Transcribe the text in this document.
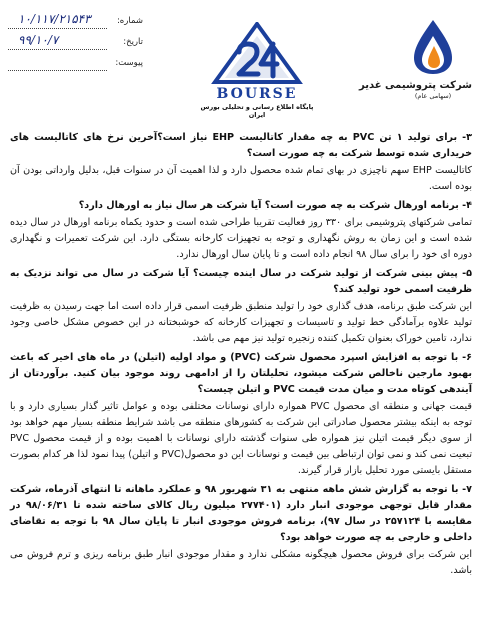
شماره:
۱۰/۱۱۷/۲۱۵۴۳
تاریخ:
۹۹/۱۰/۷
پیوست:
BOURSE
پایگاه اطلاع رسانی و تحلیلی بورس ایران
شرکت پتروشیمی غدیر
(سهامی عام)

۳- برای تولید ۱ تن PVC به چه مقدار کاتالیست EHP نیاز است؟آخرین نرخ های کاتالیست های خریداری شده توسط شرکت به چه صورت است؟

کاتالیست EHP سهم ناچیزی در بهای تمام شده محصول دارد و لذا اهمیت آن در سنوات قبل، بدلیل وارداتی بودن آن بوده است.

۴- برنامه اورهال شرکت به چه صورت است؟ آیا شرکت هر سال نیاز به اورهال دارد؟

تمامی شرکتهای پتروشیمی برای ۳۳۰ روز فعالیت تقریبا طراحی شده است و حدود یکماه برنامه اورهال در سال دیده شده است و این زمان به روش نگهداری و توجه به تجهیزات کارخانه بستگی دارد. این شرکت تعمیرات و نگهداری دوره ای خود را برای سال ۹۸ انجام داده است و تا پایان سال اورهال ندارد.

۵- پیش بینی شرکت از تولید شرکت در سال اینده چیست؟ آیا شرکت در سال می تواند نزدیک به ظرفیت اسمی خود تولید کند؟

این شرکت طبق برنامه، هدف گذاری خود را تولید منطبق ظرفیت اسمی قرار داده است اما جهت رسیدن به ظرفیت تولید علاوه برآمادگی خط تولید و تاسیسات و تجهیزات کارخانه که خوشبختانه در این خصوص مشکل خاصی وجود ندارد، تامین خوراک بعنوان تکمیل کننده زنجیره تولید نیز مهم می باشد.

۶- با توجه به افزایش اسپرد محصول شرکت (PVC) و مواد اولیه (اتیلن) در ماه های اخیر که باعث بهبود مارجین ناخالص شرکت میشود، تحلیلتان را از ادامهی روند موجود بیان کنید. برآوردتان از آیندهی کوتاه مدت و میان مدت قیمت PVC و اتیلن چیست؟

قیمت جهانی و منطقه ای محصول PVC همواره دارای نوسانات مختلفی بوده و عوامل تاثیر گذار بسیاری دارد و با توجه به اینکه بیشتر محصول صادراتی این شرکت به کشورهای منطقه می باشد شرایط منطقه بسیار مهم خواهد بود از سوی دیگر قیمت اتیلن نیز همواره طی سنوات گذشته دارای نوسانات با اهمیت بوده و از قیمت محصول PVC تبعیت نمی کند و نمی توان ارتباطی بین قیمت و نوسانات این دو محصول(PVC و اتیلن) پیدا نمود لذا هر کدام بصورت مستقل بایستی مورد تحلیل بازار قرار گیرند.

۷- با توجه به گزارش شش ماهه منتهی به ۳۱ شهریور ۹۸ و عملکرد ماهانه تا انتهای آذرماه، شرکت مقدار قابل توجهی موجودی انبار دارد (۲۷۷۴۰۱ میلیون ریال کالای ساخته شده تا ۹۸/۰۶/۳۱ در مقایسه با ۲۵۷۱۲۴ در سال ۹۷)، برنامه فروش موجودی انبار تا پایان سال ۹۸ با توجه به تقاضای داخلی و خارجی به چه صورت خواهد بود؟

این شرکت برای فروش محصول هیچگونه مشکلی ندارد و مقدار موجودی انبار طبق برنامه ریزی و ترم فروش می باشد.
